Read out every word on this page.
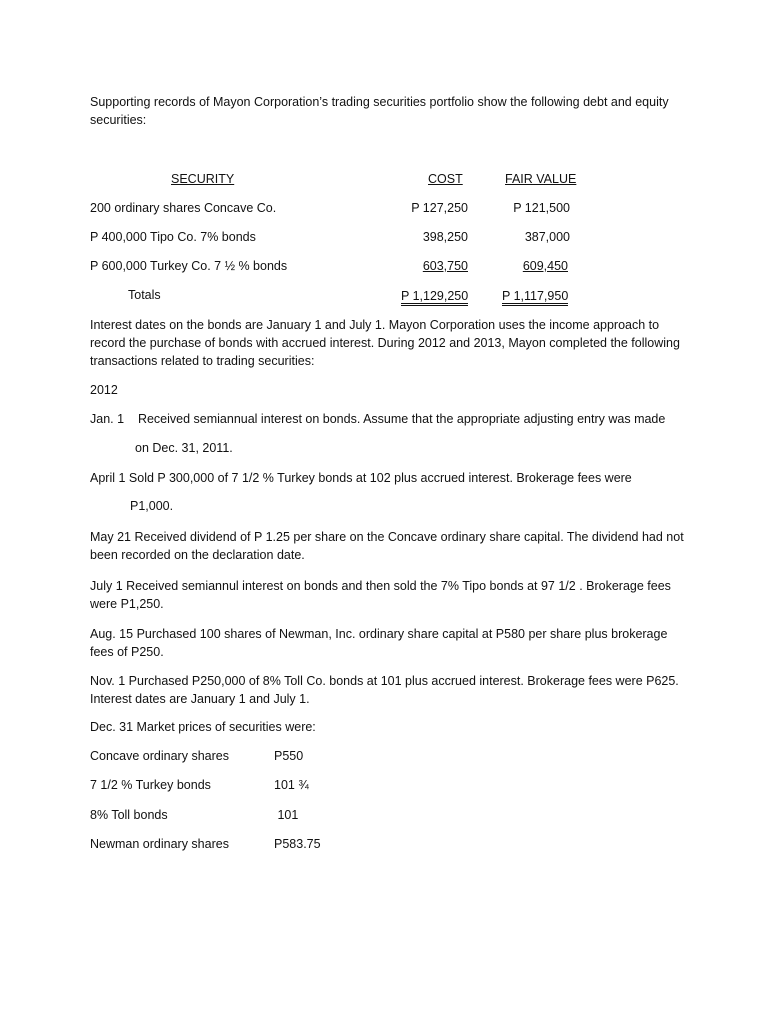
Supporting records of Mayon Corporation’s trading securities portfolio show the following debt and equity securities:
SECURITY	COST	FAIR VALUE
200 ordinary shares Concave Co.	P 127,250	P 121,500
P 400,000 Tipo Co. 7% bonds	398,250	387,000
P 600,000 Turkey Co. 7 ½ % bonds	603,750	609,450
Totals	P 1,129,250	P 1,117,950
Interest dates on the bonds are January 1 and July 1. Mayon Corporation uses the income approach to record the purchase of bonds with accrued interest. During 2012 and 2013, Mayon completed the following transactions related to trading securities:
2012
Jan. 1    Received semiannual interest on bonds. Assume that the appropriate adjusting entry was made
on Dec. 31, 2011.
April 1 Sold P 300,000 of 7 1/2 % Turkey bonds at 102 plus accrued interest. Brokerage fees were
P1,000.
May 21 Received dividend of P 1.25 per share on the Concave ordinary share capital. The dividend had not been recorded on the declaration date.
July 1 Received semiannul interest on bonds and then sold the 7% Tipo bonds at 97 1/2 . Brokerage fees were P1,250.
Aug. 15 Purchased 100 shares of Newman, Inc. ordinary share capital at P580 per share plus brokerage fees of P250.
Nov. 1 Purchased P250,000 of 8% Toll Co. bonds at 101 plus accrued interest. Brokerage fees were P625. Interest dates are January 1 and July 1.
Dec. 31 Market prices of securities were:
Concave ordinary shares	P550
7 1/2 % Turkey bonds	101 ¾
8% Toll bonds	101
Newman ordinary shares	P583.75
